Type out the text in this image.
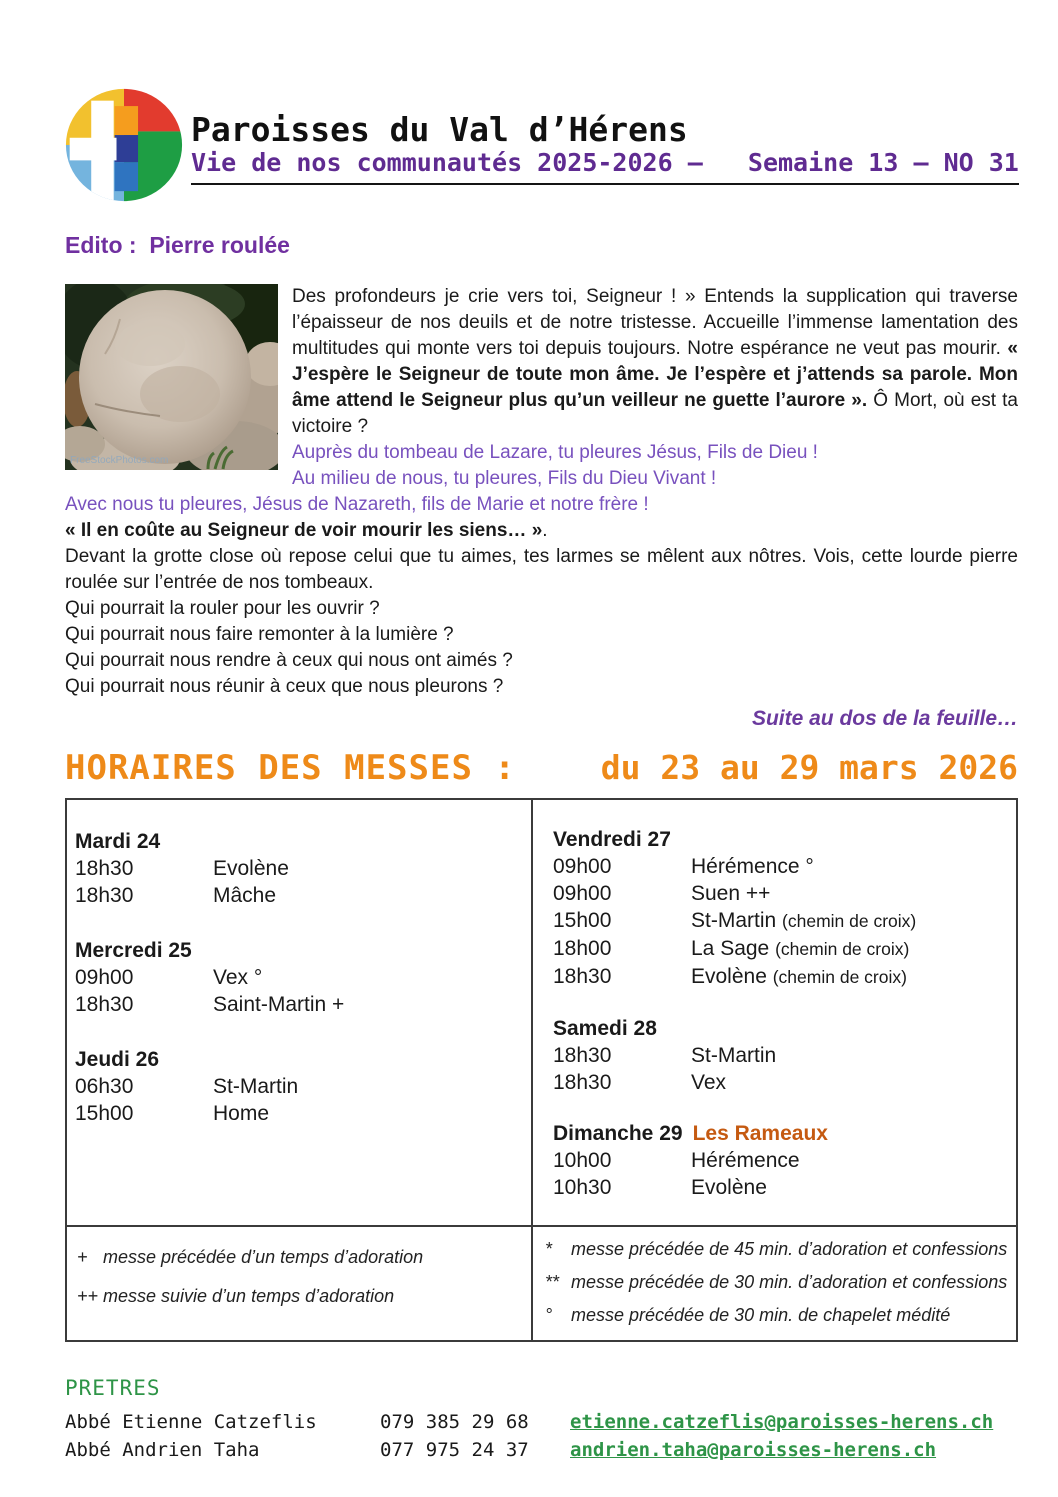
Paroisses du Val d’Hérens
Vie de nos communautés 2025-2026 –   Semaine 13 – NO 31
Edito :  Pierre roulée
FreeStockPhotos.com

Des profondeurs je crie vers toi, Seigneur ! » Entends la supplication qui traverse l’épaisseur de nos deuils et de notre tristesse. Accueille l’immense lamentation des multitudes qui monte vers toi depuis toujours. Notre espérance ne veut pas mourir. « J’espère le Seigneur de toute mon âme. Je l’espère et j’attends sa parole. Mon âme attend le Seigneur plus qu’un veilleur ne guette l’aurore ». Ô Mort, où est ta victoire ?

Auprès du tombeau de Lazare, tu pleures Jésus, Fils de Dieu !
Au milieu de nous, tu pleures, Fils du Dieu Vivant !
Avec nous tu pleures, Jésus de Nazareth, fils de Marie et notre frère !
« Il en coûte au Seigneur de voir mourir les siens… ».

Devant la grotte close où repose celui que tu aimes, tes larmes se mêlent aux nôtres. Vois, cette lourde pierre roulée sur l’entrée de nos tombeaux.

Qui pourrait la rouler pour les ouvrir ?
Qui pourrait nous faire remonter à la lumière ?
Qui pourrait nous rendre à ceux qui nous ont aimés ?
Qui pourrait nous réunir à ceux que nous pleurons ?
Suite au dos de la feuille…
HORAIRES DES MESSES :	du 23 au 29 mars 2026
Mardi 24
18h30	Evolène
18h30	Mâche
Mercredi 25
09h00	Vex °
18h30	Saint-Martin +
Jeudi 26
06h30	St-Martin
15h00	Home
Vendredi 27
09h00	Hérémence °
09h00	Suen ++
15h00	St-Martin (chemin de croix)
18h00	La Sage (chemin de croix)
18h30	Evolène (chemin de croix)
Samedi 28
18h30	St-Martin
18h30	Vex
Dimanche 29 Les Rameaux
10h00	Hérémence
10h30	Evolène
+ messe précédée d’un temps d’adoration
++ messe suivie d’un temps d’adoration
* messe précédée de 45 min. d’adoration et confessions
** messe précédée de 30 min. d’adoration et confessions
° messe précédée de 30 min. de chapelet médité
PRETRES
Abbé Etienne Catzeflis	079 385 29 68	etienne.catzeflis@paroisses-herens.ch
Abbé Andrien Taha	077 975 24 37	andrien.taha@paroisses-herens.ch
